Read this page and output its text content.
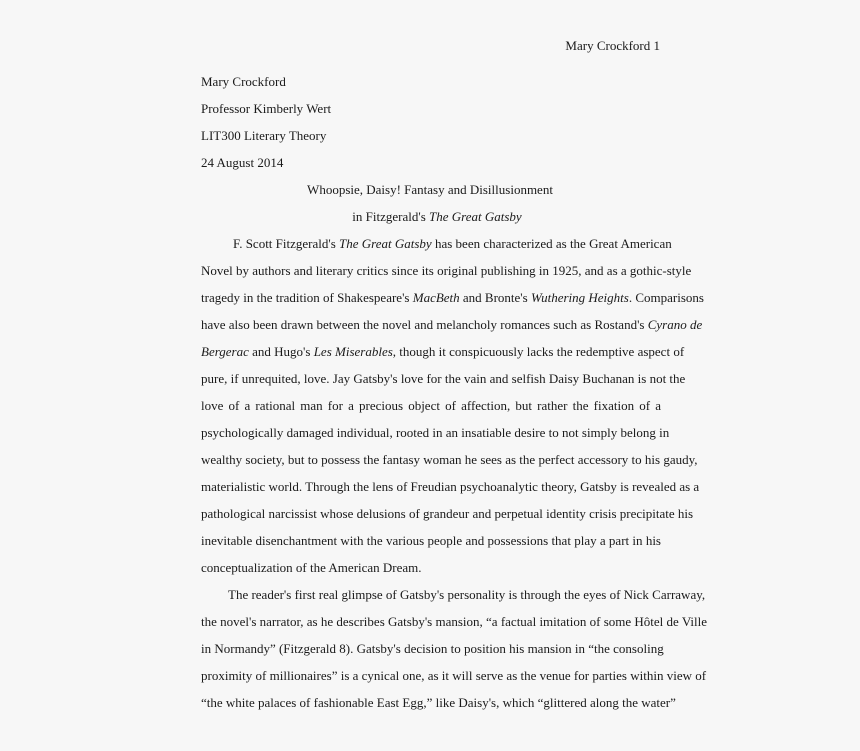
Mary Crockford 1
Mary Crockford
Professor Kimberly Wert
LIT300 Literary Theory
24 August 2014
Whoopsie, Daisy! Fantasy and Disillusionment
in Fitzgerald's The Great Gatsby
F. Scott Fitzgerald's The Great Gatsby has been characterized as the Great American
Novel by authors and literary critics since its original publishing in 1925, and as a gothic-style
tragedy in the tradition of Shakespeare's MacBeth and Bronte's Wuthering Heights. Comparisons
have also been drawn between the novel and melancholy romances such as Rostand's Cyrano de
Bergerac and Hugo's Les Miserables, though it conspicuously lacks the redemptive aspect of
pure, if unrequited, love. Jay Gatsby's love for the vain and selfish Daisy Buchanan is not the
love of a rational man for a precious object of affection, but rather the fixation of a
psychologically damaged individual, rooted in an insatiable desire to not simply belong in
wealthy society, but to possess the fantasy woman he sees as the perfect accessory to his gaudy,
materialistic world. Through the lens of Freudian psychoanalytic theory, Gatsby is revealed as a
pathological narcissist whose delusions of grandeur and perpetual identity crisis precipitate his
inevitable disenchantment with the various people and possessions that play a part in his
conceptualization of the American Dream.
The reader's first real glimpse of Gatsby's personality is through the eyes of Nick Carraway,
the novel's narrator, as he describes Gatsby's mansion, “a factual imitation of some Hôtel de Ville
in Normandy” (Fitzgerald 8). Gatsby's decision to position his mansion in “the consoling
proximity of millionaires” is a cynical one, as it will serve as the venue for parties within view of
“the white palaces of fashionable East Egg,” like Daisy's, which “glittered along the water”
